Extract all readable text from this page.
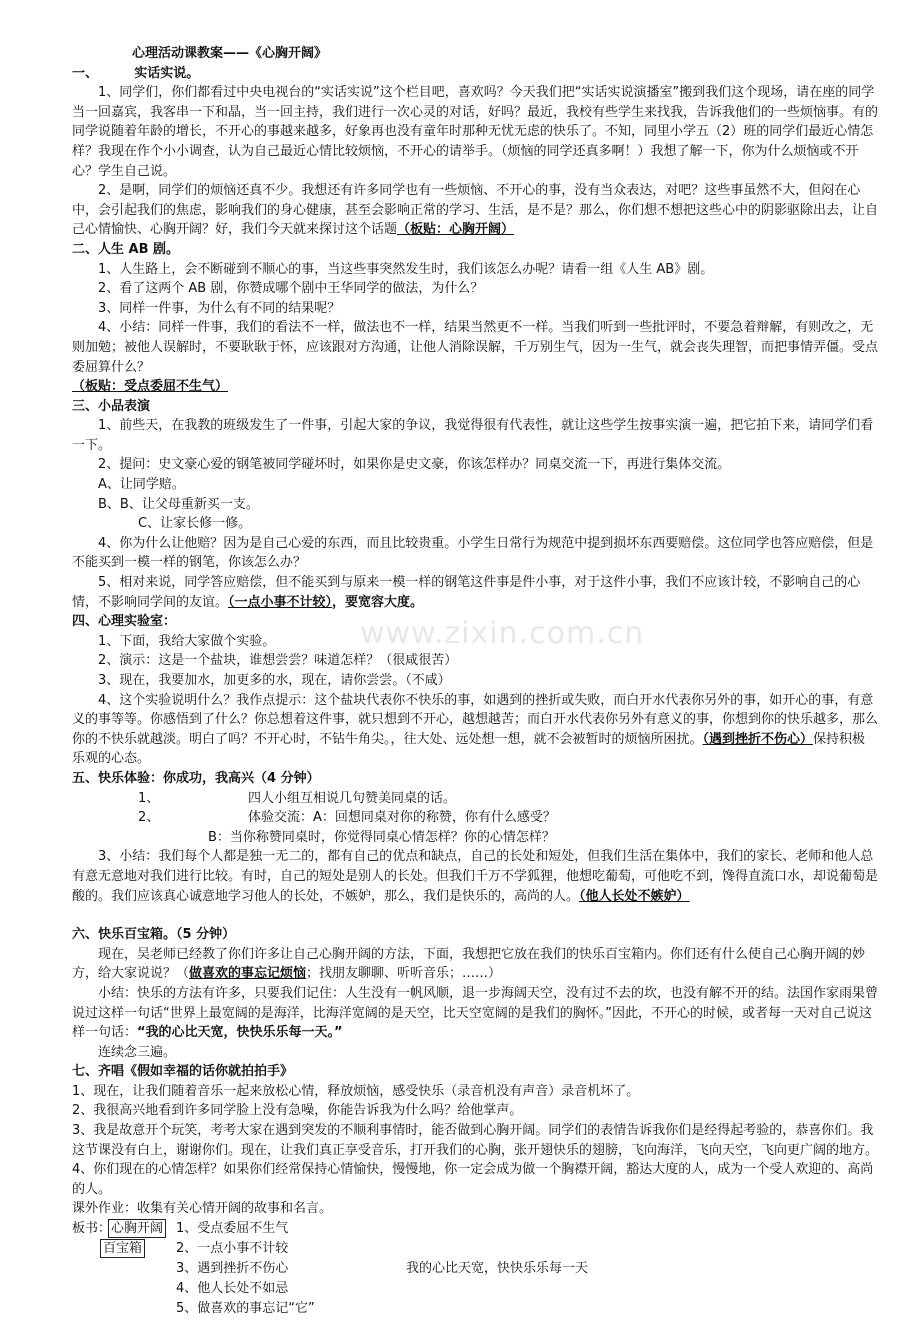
www.zixin.com.cn

心理活动课教案——《心胸开阔》

一、        实话实说。

1、同学们，你们都看过中央电视台的“实话实说”这个栏目吧，喜欢吗？今天我们把“实话实说演播室”搬到我们这个现场，请在座的同学当一回嘉宾，我客串一下和晶，当一回主持，我们进行一次心灵的对话，好吗？最近，我校有些学生来找我，告诉我他们的一些烦恼事。有的同学说随着年龄的增长，不开心的事越来越多，好象再也没有童年时那种无忧无虑的快乐了。不知，同里小学五（2）班的同学们最近心情怎样？我现在作个小小调查，认为自己最近心情比较烦恼，不开心的请举手。（烦恼的同学还真多啊！）我想了解一下，你为什么烦恼或不开心？学生自己说。

2、是啊，同学们的烦恼还真不少。我想还有许多同学也有一些烦恼、不开心的事，没有当众表达，对吧？这些事虽然不大，但闷在心中，会引起我们的焦虑，影响我们的身心健康，甚至会影响正常的学习、生活，是不是？那么，你们想不想把这些心中的阴影驱除出去，让自己心情愉快、心胸开阔？好，我们今天就来探讨这个话题（板贴：心胸开阔）

二、人生 AB 剧。

1、人生路上，会不断碰到不顺心的事，当这些事突然发生时，我们该怎么办呢？请看一组《人生 AB》剧。

2、看了这两个 AB 剧，你赞成哪个剧中王华同学的做法，为什么？

3、同样一件事，为什么有不同的结果呢？

4、小结：同样一件事，我们的看法不一样，做法也不一样，结果当然更不一样。当我们听到一些批评时，不要急着辩解，有则改之，无则加勉；被他人误解时，不要耿耿于怀，应该跟对方沟通，让他人消除误解，千万别生气，因为一生气，就会丧失理智，而把事情弄僵。受点委屈算什么？

（板贴：受点委屈不生气）

三、小品表演

1、前些天，在我教的班级发生了一件事，引起大家的争议，我觉得很有代表性，就让这些学生按事实演一遍，把它拍下来，请同学们看一下。

2、提问：史文豪心爱的钢笔被同学碰坏时，如果你是史文豪，你该怎样办？同桌交流一下，再进行集体交流。

A、让同学赔。

B、B、让父母重新买一支。

C、让家长修一修。

4、你为什么让他赔？因为是自己心爱的东西，而且比较贵重。小学生日常行为规范中提到损坏东西要赔偿。这位同学也答应赔偿，但是不能买到一模一样的钢笔，你该怎么办？

5、相对来说，同学答应赔偿，但不能买到与原来一模一样的钢笔这件事是件小事，对于这件小事，我们不应该计较，不影响自己的心情，不影响同学间的友谊。（一点小事不计较），要宽容大度。

四、心理实验室：

1、下面，我给大家做个实验。

2、演示：这是一个盐块，谁想尝尝？味道怎样？（很咸很苦）

3、现在，我要加水，加更多的水，现在，请你尝尝。（不咸）

4、这个实验说明什么？我作点提示：这个盐块代表你不快乐的事，如遇到的挫折或失败，而白开水代表你另外的事，如开心的事，有意义的事等等。你感悟到了什么？你总想着这件事，就只想到不开心，越想越苦；而白开水代表你另外有意义的事，你想到你的快乐越多，那么你的不快乐就越淡。明白了吗？不开心时，不钻牛角尖。，往大处、远处想一想，就不会被暂时的烦恼所困扰。（遇到挫折不伤心）保持积极乐观的心态。

五、快乐体验：你成功，我高兴（4 分钟）

1、	四人小组互相说几句赞美同桌的话。

2、	体验交流：A：回想同桌对你的称赞，你有什么感受？

B：当你称赞同桌时，你觉得同桌心情怎样？你的心情怎样？

3、小结：我们每个人都是独一无二的，都有自己的优点和缺点，自己的长处和短处，但我们生活在集体中，我们的家长、老师和他人总有意无意地对我们进行比较。有时，自己的短处是别人的长处。但我们千万不学狐狸，他想吃葡萄，可他吃不到，馋得直流口水，却说葡萄是酸的。我们应该真心诚意地学习他人的长处，不嫉妒，那么，我们是快乐的，高尚的人。（他人长处不嫉妒）

六、快乐百宝箱。（5 分钟）

现在，吴老师已经教了你们许多让自己心胸开阔的方法，下面，我想把它放在我们的快乐百宝箱内。你们还有什么使自己心胸开阔的妙方，给大家说说？（做喜欢的事忘记烦恼；找朋友聊聊、听听音乐；……）

小结：快乐的方法有许多，只要我们记住：人生没有一帆风顺，退一步海阔天空，没有过不去的坎，也没有解不开的结。法国作家雨果曾说过这样一句话“世界上最宽阔的是海洋，比海洋宽阔的是天空，比天空宽阔的是我们的胸怀。”因此，不开心的时候，或者每一天对自己说这样一句话：“我的心比天宽，快快乐乐每一天。”

连续念三遍。

七、齐唱《假如幸福的话你就拍拍手》

1、现在，让我们随着音乐一起来放松心情，释放烦恼，感受快乐（录音机没有声音）录音机坏了。

2、我很高兴地看到许多同学脸上没有急噪，你能告诉我为什么吗？给他掌声。

3、我是故意开个玩笑，考考大家在遇到突发的不顺利事情时，能否做到心胸开阔。同学们的表情告诉我你们是经得起考验的，恭喜你们。我这节课没有白上，谢谢你们。现在，让我们真正享受音乐，打开我们的心胸，张开翅快乐的翅膀，飞向海洋，飞向天空，飞向更广阔的地方。

4、你们现在的心情怎样？如果你们经常保持心情愉快，慢慢地，你一定会成为做一个胸襟开阔，豁达大度的人，成为一个受人欢迎的、高尚的人。

课外作业：收集有关心情开阔的故事和名言。

板书： 心胸开阔
百宝箱
1、受点委屈不生气
2、一点小事不计较
3、遇到挫折不伤心
4、他人长处不如忌
5、做喜欢的事忘记“它”
我的心比天宽，快快乐乐每一天
